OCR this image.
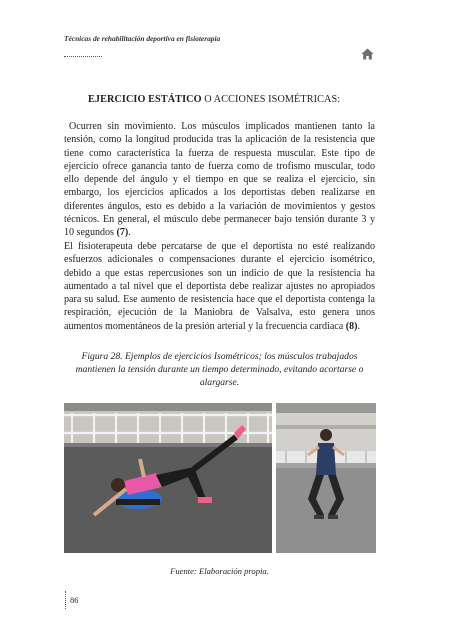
Técnicas de rehabilitación deportiva en fisioterapia
EJERCICIO ESTÁTICO O ACCIONES ISOMÉTRICAS:
Ocurren sin movimiento. Los músculos implicados mantienen tanto la tensión, como la longitud producida tras la aplicación de la resistencia que tiene como característica la fuerza de respuesta muscular. Este tipo de ejercicio ofrece ganancia tanto de fuerza como de trofismo muscular, todo ello depende del ángulo y el tiempo en que se realiza el ejercicio, sin embargo, los ejercicios aplicados a los deportistas deben realizarse en diferentes ángulos, esto es debido a la variación de movimientos y gestos técnicos. En general, el músculo debe permanecer bajo tensión durante 3 y 10 segundos (7).
El fisioterapeuta debe percatarse de que el deportista no esté realizando esfuerzos adicionales o compensaciones durante el ejercicio isométrico, debido a que estas repercusiones son un indicio de que la resistencia ha aumentado a tal nivel que el deportista debe realizar ajustes no apropiados para su salud. Ese aumento de resistencia hace que el deportista contenga la respiración, ejecución de la Maniobra de Valsalva, esto genera unos aumentos momentáneos de la presión arterial y la frecuencia cardiaca (8).
Figura 28. Ejemplos de ejercicios Isométricos; los músculos trabajados mantienen la tensión durante un tiempo determinado, evitando acortarse o alargarse.
Fuente: Elaboración propia.
86
